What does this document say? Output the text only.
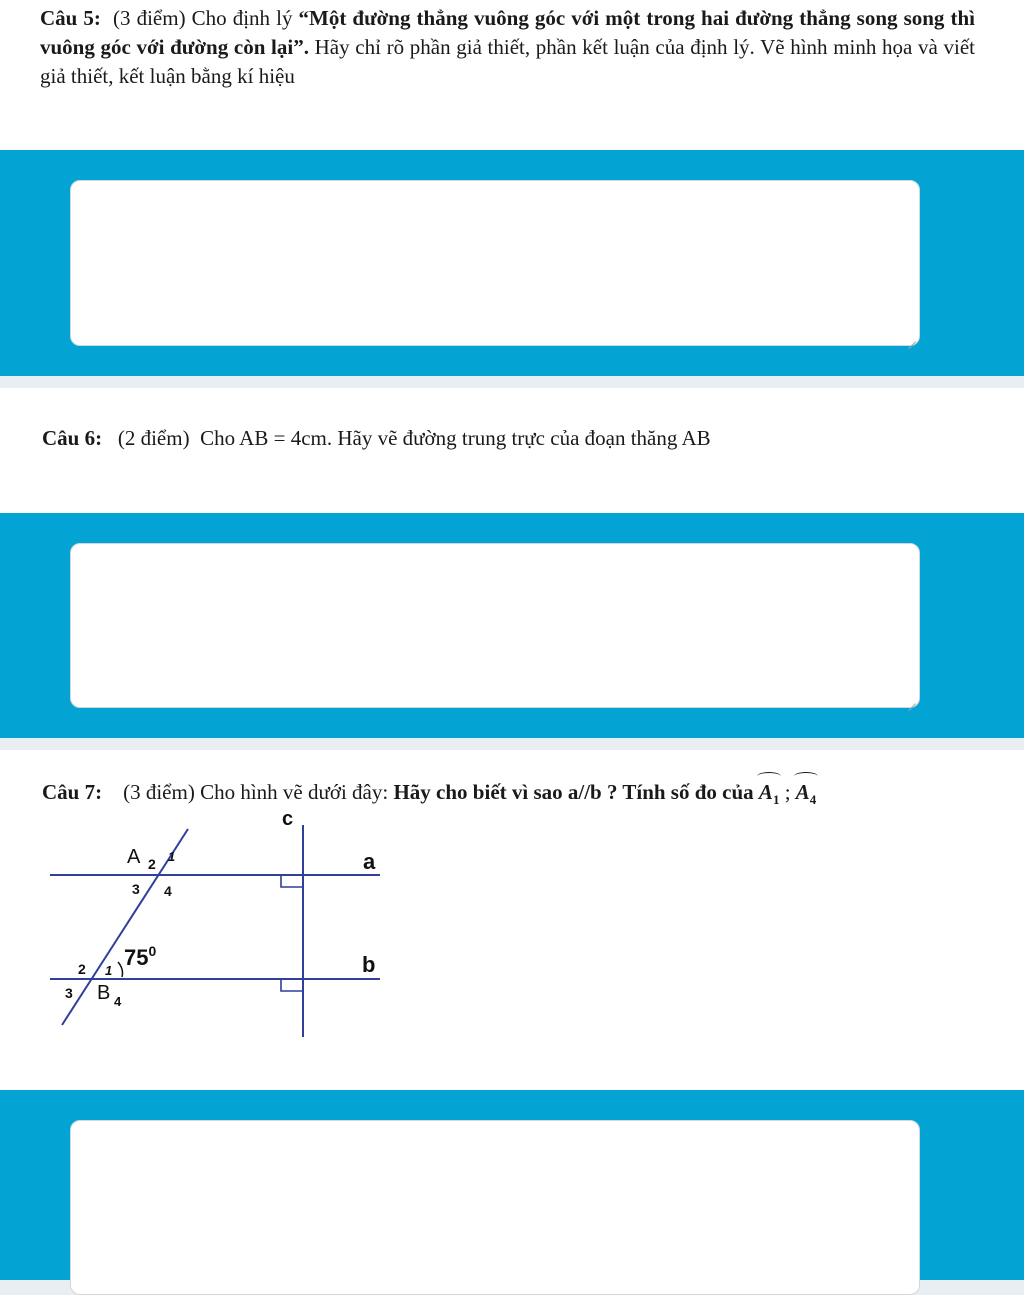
Câu 5: (3 điểm) Cho định lý “Một đường thẳng vuông góc với một trong hai đường thẳng song song thì vuông góc với đường còn lại”. Hãy chỉ rõ phần giả thiết, phần kết luận của định lý. Vẽ hình minh họa và viết giả thiết, kết luận bằng kí hiệu
Câu 6: (2 điểm) Cho AB = 4cm. Hãy vẽ đường trung trực của đoạn thăng AB
Câu 7: (3 điểm) Cho hình vẽ dưới đây: Hãy cho biết vì sao a//b ? Tính số đo của $A_1$ ; $A_4$
c
a
b
A 2 1
3 4
$75^0$
2 1
3 B 4
